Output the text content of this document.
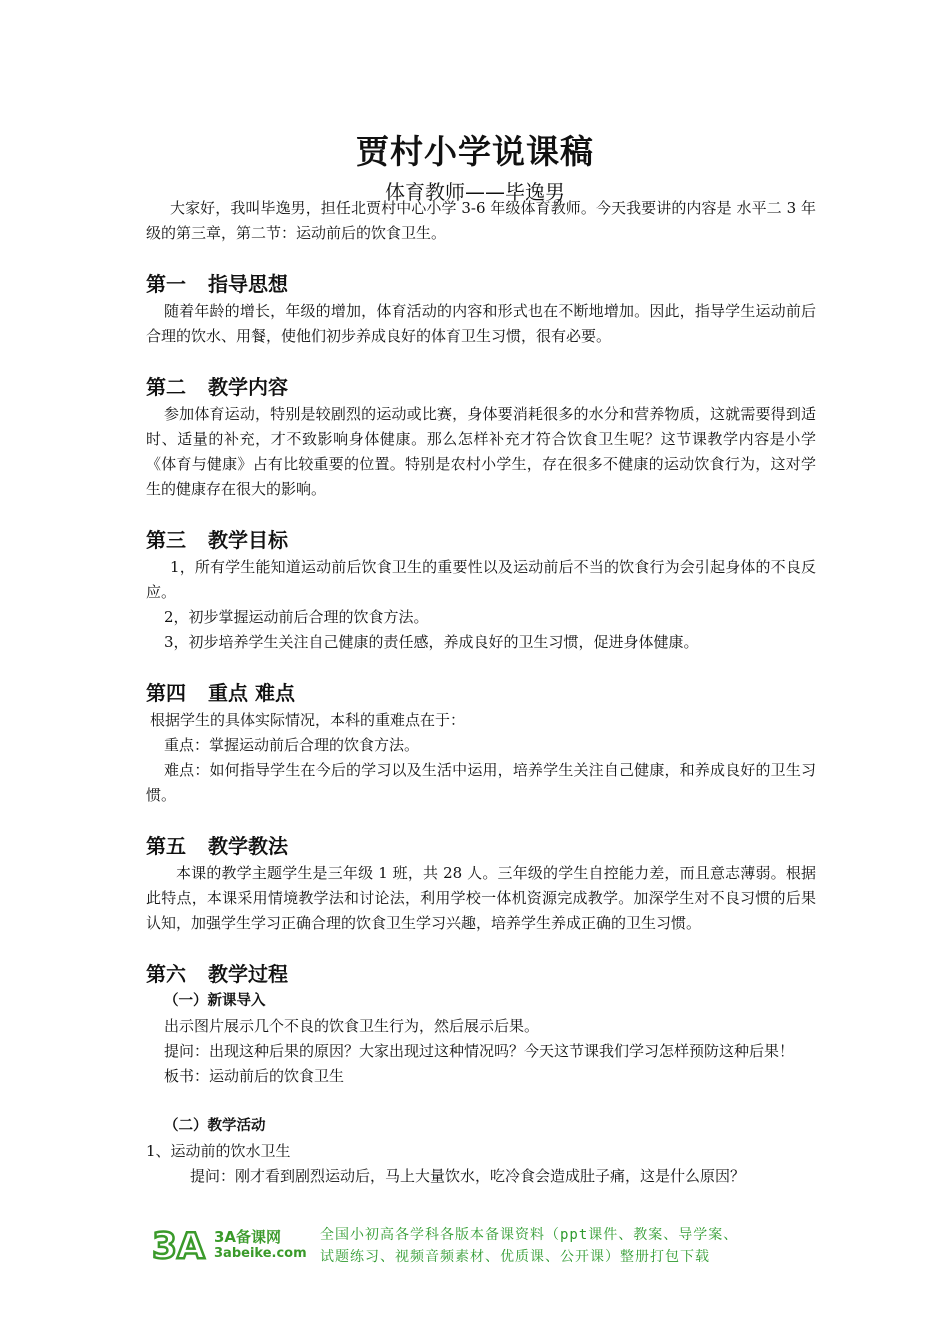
贾村小学说课稿
体育教师——毕逸男

大家好，我叫毕逸男，担任北贾村中心小学 3-6 年级体育教师。今天我要讲的内容是 水平二 3 年级的第三章，第二节：运动前后的饮食卫生。

第一 指导思想

随着年龄的增长，年级的增加，体育活动的内容和形式也在不断地增加。因此，指导学生运动前后合理的饮水、用餐，使他们初步养成良好的体育卫生习惯，很有必要。

第二 教学内容

参加体育运动，特别是较剧烈的运动或比赛，身体要消耗很多的水分和营养物质，这就需要得到适时、适量的补充，才不致影响身体健康。那么怎样补充才符合饮食卫生呢？这节课教学内容是小学《体育与健康》占有比较重要的位置。特别是农村小学生，存在很多不健康的运动饮食行为，这对学生的健康存在很大的影响。

第三 教学目标

1，所有学生能知道运动前后饮食卫生的重要性以及运动前后不当的饮食行为会引起身体的不良反应。

2，初步掌握运动前后合理的饮食方法。

3，初步培养学生关注自己健康的责任感，养成良好的卫生习惯，促进身体健康。

第四 重点 难点

根据学生的具体实际情况，本科的重难点在于：

重点：掌握运动前后合理的饮食方法。

难点：如何指导学生在今后的学习以及生活中运用，培养学生关注自己健康，和养成良好的卫生习惯。

第五 教学教法

本课的教学主题学生是三年级 1 班，共 28 人。三年级的学生自控能力差，而且意志薄弱。根据此特点，本课采用情境教学法和讨论法，利用学校一体机资源完成教学。加深学生对不良习惯的后果认知，加强学生学习正确合理的饮食卫生学习兴趣，培养学生养成正确的卫生习惯。

第六 教学过程

（一）新课导入

出示图片展示几个不良的饮食卫生行为，然后展示后果。

提问：出现这种后果的原因？大家出现过这种情况吗？今天这节课我们学习怎样预防这种后果！

板书：运动前后的饮食卫生

（二）教学活动

1、运动前的饮水卫生

提问：刚才看到剧烈运动后，马上大量饮水，吃冷食会造成肚子痛，这是什么原因？

3A 3A备课网
3abeike.com
全国小初高各学科各版本备课资料（ppt课件、教案、导学案、
试题练习、视频音频素材、优质课、公开课）整册打包下载
